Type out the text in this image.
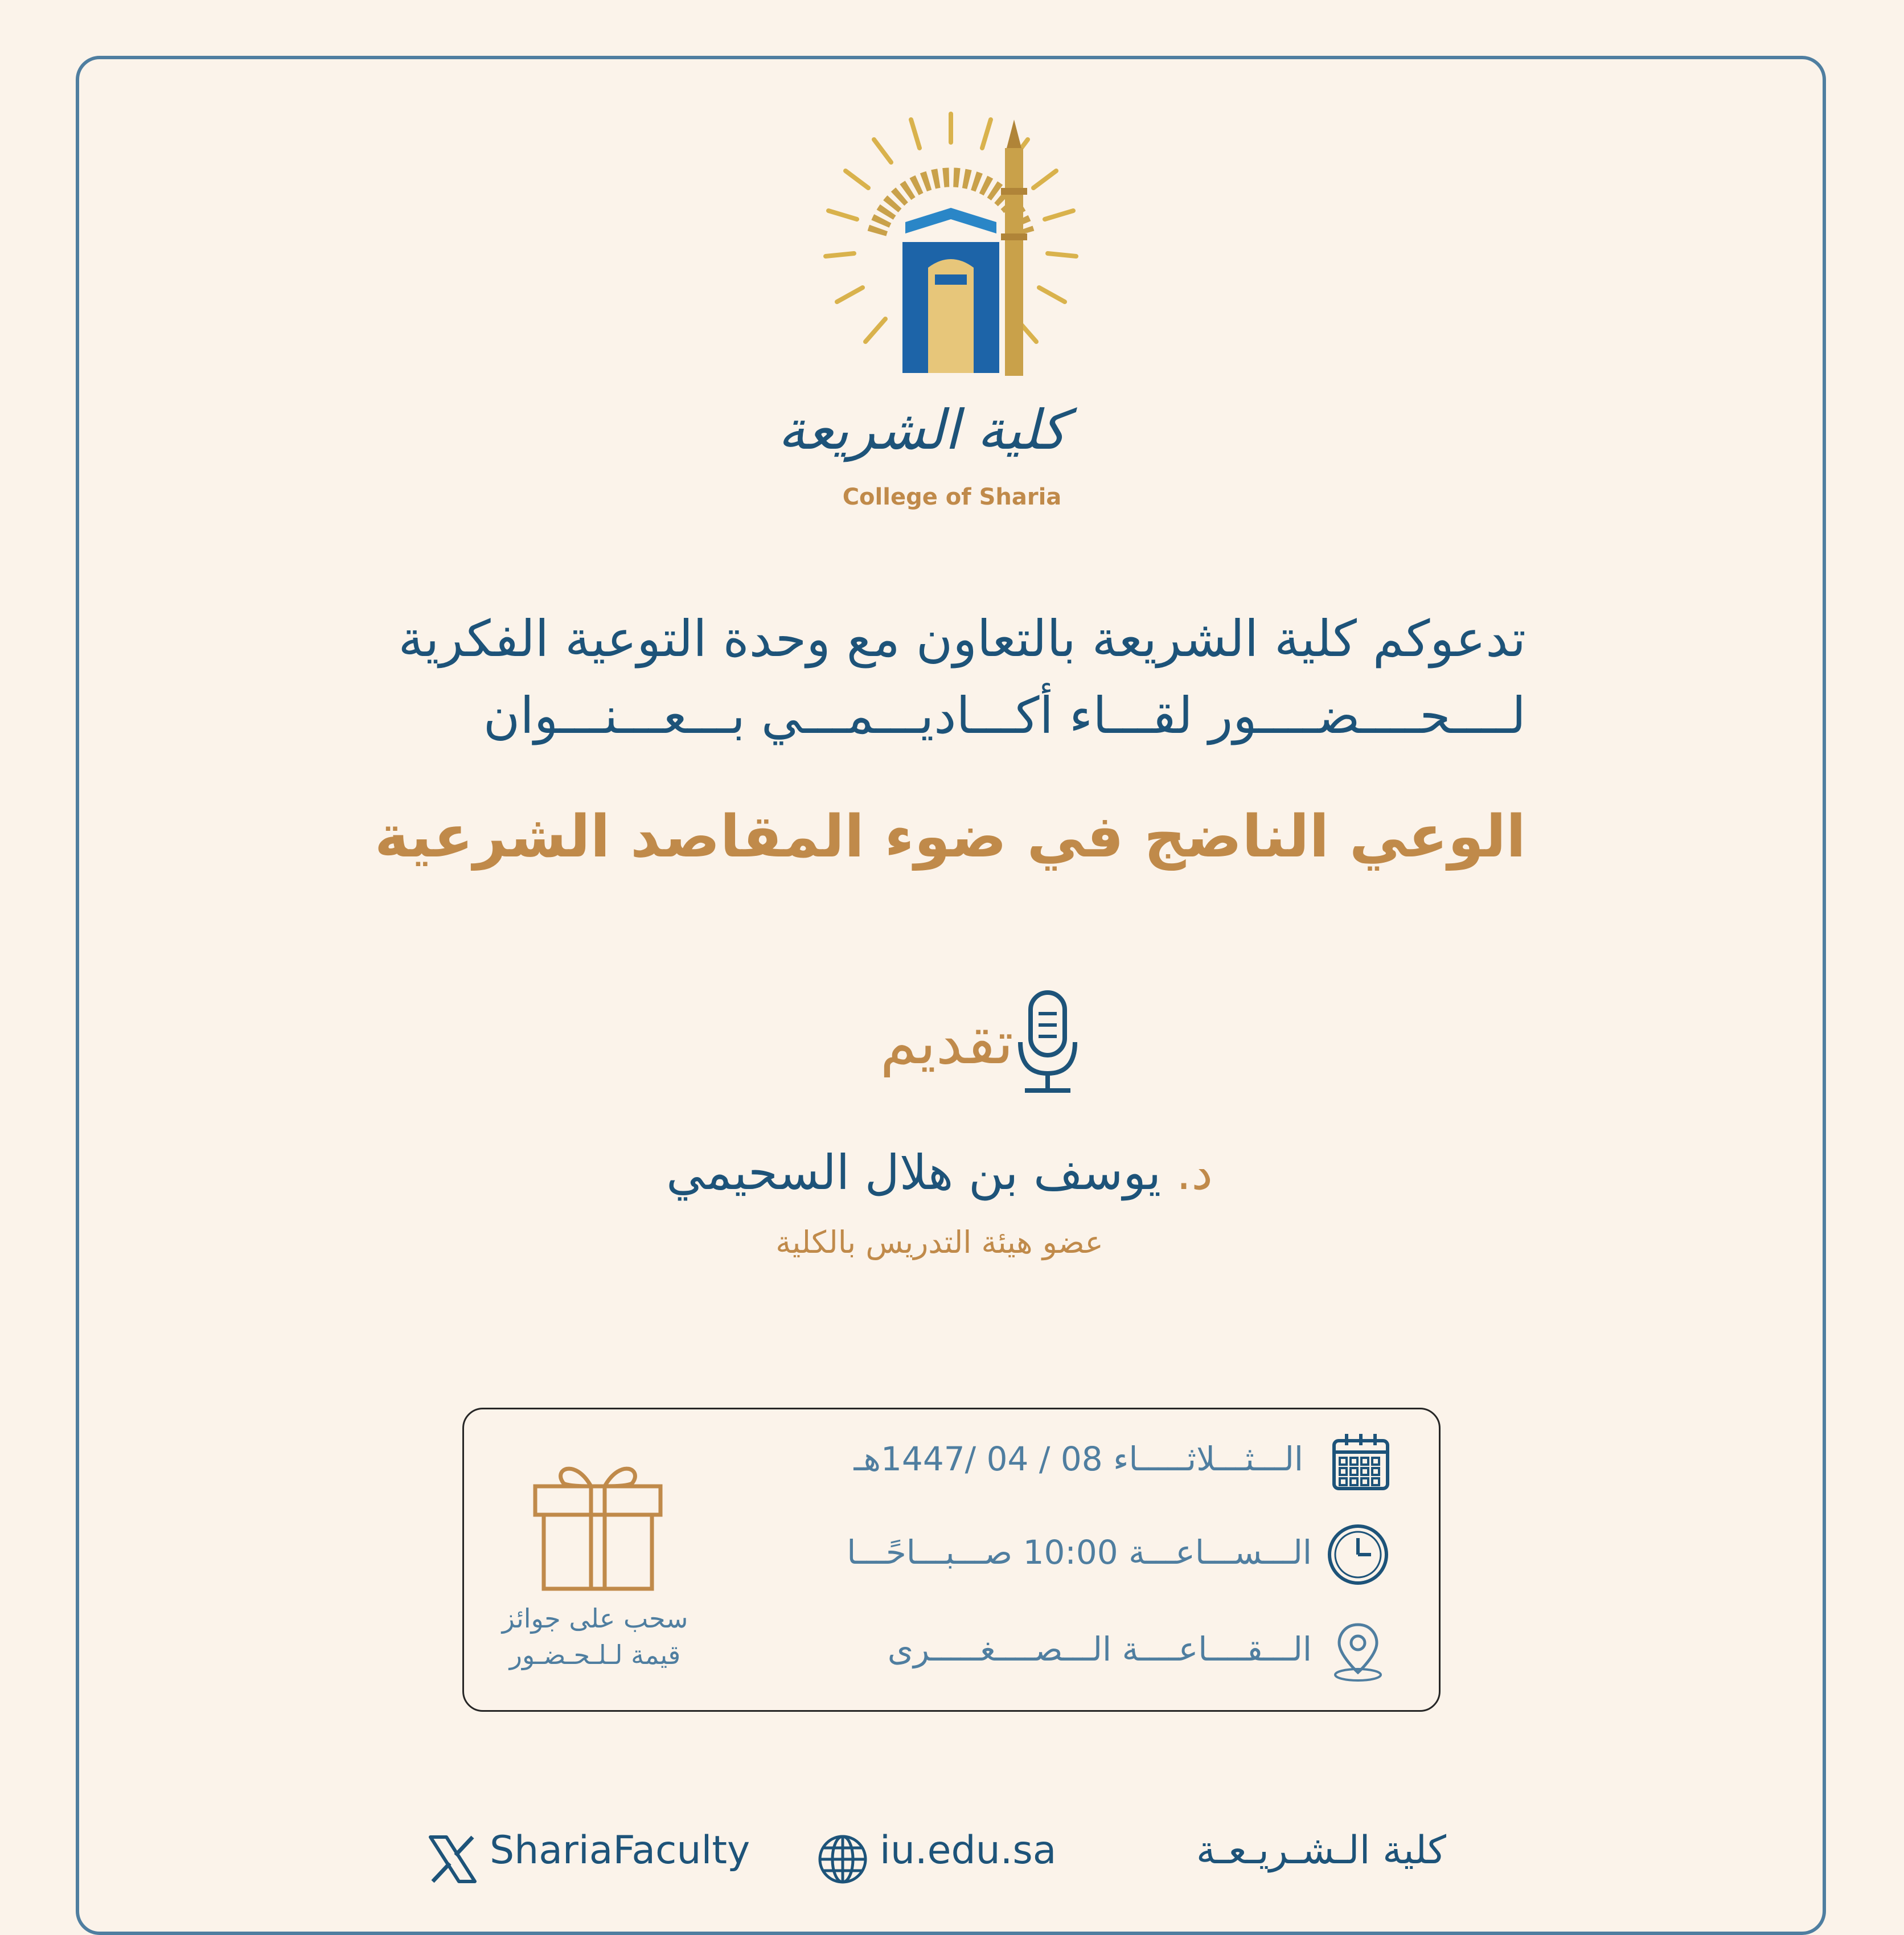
كلية الشريعة
College of Sharia
تدعوكم كلية الشريعة بالتعاون مع وحدة التوعية الفكرية
لــــحــــضــــور لقـــاء أكـــاديـــمـــي بـــعـــنـــوان
الوعي الناضج في ضوء المقاصد الشرعية
تقديم
د. يوسف بن هلال السحيمي
عضو هيئة التدريس بالكلية
الـــثـــلاثـــــاء 08 / 04 /1447هـ
الـــســـاعـــة 10:00 صـــبـــاحًـــا
الـــقــــاعــــة الـــصــــغـــــرى
سحب على جوائز
قيمة لـلـحـضـور
ShariaFaculty	iu.edu.sa	كلية الـشـريـعـة
